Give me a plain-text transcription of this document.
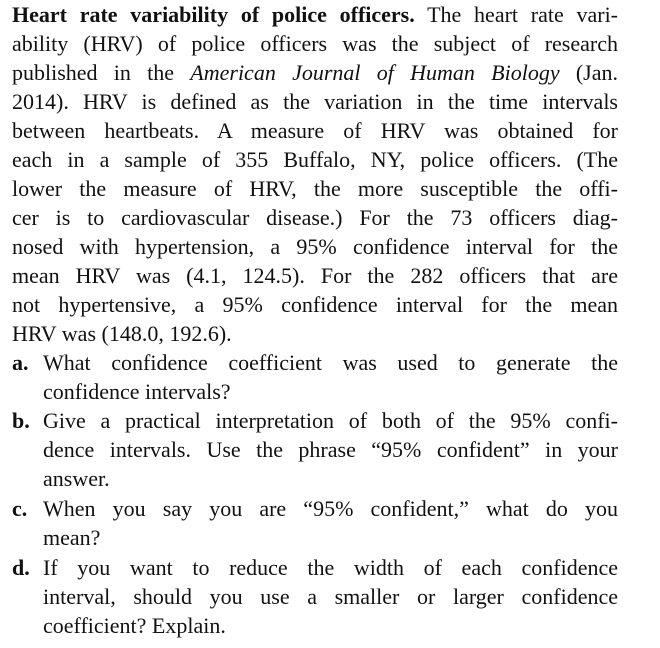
Heart rate variability of police officers. The heart rate vari-
ability (HRV) of police officers was the subject of research
published in the American Journal of Human Biology (Jan.
2014). HRV is defined as the variation in the time intervals
between heartbeats. A measure of HRV was obtained for
each in a sample of 355 Buffalo, NY, police officers. (The
lower the measure of HRV, the more susceptible the offi-
cer is to cardiovascular disease.) For the 73 officers diag-
nosed with hypertension, a 95% confidence interval for the
mean HRV was (4.1, 124.5). For the 282 officers that are
not hypertensive, a 95% confidence interval for the mean
HRV was (148.0, 192.6).
a. What confidence coefficient was used to generate the
confidence intervals?
b. Give a practical interpretation of both of the 95% confi-
dence intervals. Use the phrase “95% confident” in your
answer.
c. When you say you are “95% confident,” what do you
mean?
d. If you want to reduce the width of each confidence
interval, should you use a smaller or larger confidence
coefficient? Explain.
